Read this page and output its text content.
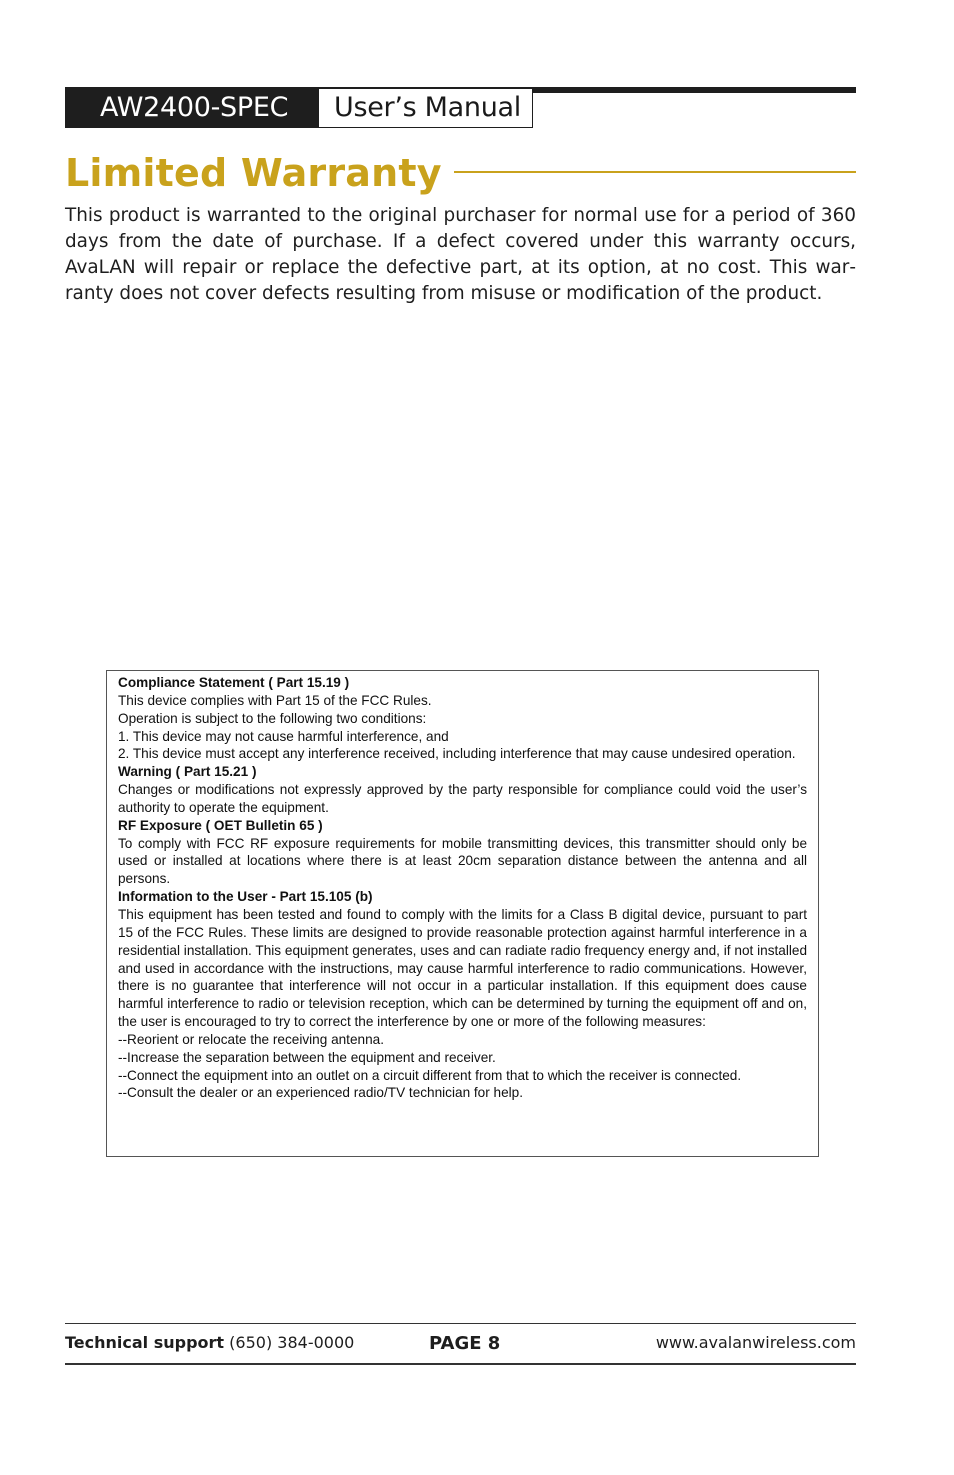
AW2400-SPEC	User’s Manual
Limited Warranty

This product is warranted to the original purchaser for normal use for a period of 360 days from the date of purchase. If a defect covered under this warranty occurs, AvaLAN will repair or replace the defective part, at its option, at no cost. This warranty does not cover defects resulting from misuse or modification of the product.

Compliance Statement ( Part 15.19 )

This device complies with Part 15 of the FCC Rules.

Operation is subject to the following two conditions:

1. This device may not cause harmful interference, and

2. This device must accept any interference received, including interference that may cause undesired operation.

Warning ( Part 15.21 )

Changes or modifications not expressly approved by the party responsible for compliance could void the user’s authority to operate the equipment.

RF Exposure ( OET Bulletin 65 )

To comply with FCC RF exposure requirements for mobile transmitting devices, this transmitter should only be used or installed at locations where there is at least 20cm separation distance between the antenna and all persons.

Information to the User - Part 15.105 (b)

This equipment has been tested and found to comply with the limits for a Class B digital device, pursuant to part 15 of the FCC Rules. These limits are designed to provide reasonable protection against harmful interference in a residential installation. This equipment generates, uses and can radiate radio frequency energy and, if not installed and used in accordance with the instructions, may cause harmful interference to radio communications. However, there is no guarantee that interference will not occur in a particular installation. If this equipment does cause harmful interference to radio or television reception, which can be determined by turning the equipment off and on, the user is encouraged to try to correct the interference by one or more of the following measures:

--Reorient or relocate the receiving antenna.

--Increase the separation between the equipment and receiver.

--Connect the equipment into an outlet on a circuit different from that to which the receiver is connected.

--Consult the dealer or an experienced radio/TV technician for help.

Technical support (650) 384-0000	PAGE 8	www.avalanwireless.com
